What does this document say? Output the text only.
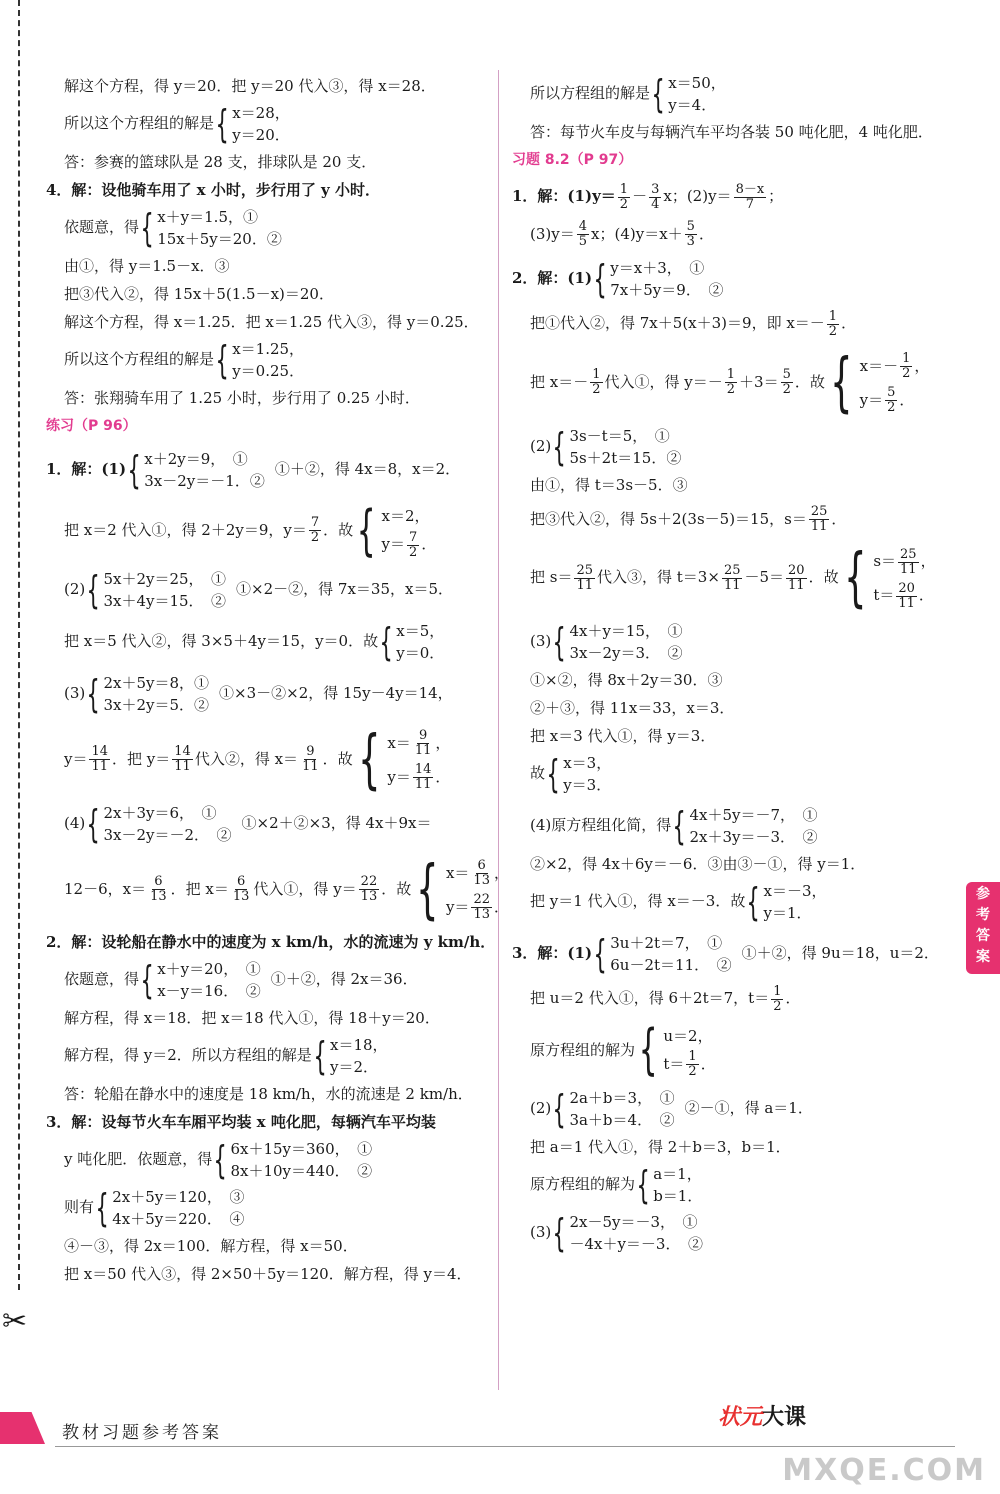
解这个方程，得 y＝20．把 y＝20 代入③，得 x＝28．
所以这个方程组的解是 { x＝28，
y＝20．
答：参赛的篮球队是 28 支，排球队是 20 支．
4．解：设他骑车用了 x 小时，步行用了 y 小时．
依题意，得 { x＋y＝1.5，①
15x＋5y＝20．②
由①，得 y＝1.5－x．③
把③代入②，得 15x＋5(1.5－x)＝20．
解这个方程，得 x＝1.25．把 x＝1.25 代入③，得 y＝0.25．
所以这个方程组的解是 { x＝1.25，
y＝0.25．
答：张翔骑车用了 1.25 小时，步行用了 0.25 小时．
练习（P 96）
1．解：(1) { x＋2y＝9，　①
3x－2y＝－1．②
①＋②，得 4x＝8，x＝2．
把 x＝2 代入①，得 2＋2y＝9，$y= \frac{7}{2}$ ．故 { x＝2，
$y= \frac{7}{2}$ ．
(2) { 5x＋2y＝25，　①
3x＋4y＝15．　②
①×2－②，得 7x＝35，x＝5．
把 x＝5 代入②，得 3×5＋4y＝15，y＝0．故 { x＝5，
y＝0．
(3) { 2x＋5y＝8，①
3x＋2y＝5．②
①×3－②×2，得 15y－4y＝14，
$y= \frac{14}{11}$ ．把 $y= \frac{14}{11}$ 代入②，得 $x= \frac{9}{11}$ ．故 { $x= \frac{9}{11}$ ，
$y= \frac{14}{11}$ ．
(4) { 2x＋3y＝6，　①
3x－2y＝－2．　②
①×2＋②×3，得 4x＋9x＝
12－6，$x= \frac{6}{13}$ ．把 $x= \frac{6}{13}$ 代入①，得 $y= \frac{22}{13}$ ．故 { $x= \frac{6}{13}$ ，
$y= \frac{22}{13}$ ．
2．解：设轮船在静水中的速度为 x km/h，水的流速为 y km/h．
依题意，得 { x＋y＝20，　①
x－y＝16．　②
①＋②，得 2x＝36．
解方程，得 x＝18．把 x＝18 代入①，得 18＋y＝20．
解方程，得 y＝2．所以方程组的解是 { x＝18，
y＝2．
答：轮船在静水中的速度是 18 km/h，水的流速是 2 km/h．
3．解：设每节火车车厢平均装 x 吨化肥，每辆汽车平均装
y 吨化肥．依题意，得 { 6x＋15y＝360，　①
8x＋10y＝440．　②
则有 { 2x＋5y＝120，　③
4x＋5y＝220．　④
④－③，得 2x＝100．解方程，得 x＝50．
把 x＝50 代入③，得 2×50＋5y＝120．解方程，得 y＝4．
所以方程组的解是 { x＝50，
y＝4．
答：每节火车皮与每辆汽车平均各装 50 吨化肥，4 吨化肥．
习题 8.2（P 97）
1．解：$(1)y= \frac{1}{2} - \frac{3}{4}$ x；$(2)y= \frac{8-x}{7}$ ；
$(3)y= \frac{4}{5}$ x；$(4)y=x+ \frac{5}{3}$ ．
2．解：(1) { y＝x＋3，　①
7x＋5y＝9．　②
把①代入②，得 7x＋5(x＋3)＝9，即 $x=- \frac{1}{2}$ ．
把 $x=- \frac{1}{2}$ 代入①，得 $y=- \frac{1}{2} +3= \frac{5}{2}$ ．故 { $x=- \frac{1}{2}$ ，
$y= \frac{5}{2}$ ．
(2) { 3s－t＝5，　①
5s＋2t＝15．②
由①，得 t＝3s－5．③
把③代入②，得 5s＋2(3s－5)＝15，$s= \frac{25}{11}$ ．
把 $s= \frac{25}{11}$ 代入③，得 $t=3\times \frac{25}{11} -5= \frac{20}{11}$ ．故 { $s= \frac{25}{11}$ ，
$t= \frac{20}{11}$ ．
(3) { 4x＋y＝15，　①
3x－2y＝3．　②
①×②，得 8x＋2y＝30．③
②＋③，得 11x＝33，x＝3．
把 x＝3 代入①，得 y＝3．
故 { x＝3，
y＝3．
(4)原方程组化简，得 { 4x＋5y＝－7，　①
2x＋3y＝－3．　②
②×2，得 4x＋6y＝－6．③由③－①，得 y＝1．
把 y＝1 代入①，得 x＝－3．故 { x＝－3，
y＝1．
3．解：(1) { 3u＋2t＝7，　①
6u－2t＝11．　②
①＋②，得 9u＝18，u＝2．
把 u＝2 代入①，得 6＋2t＝7，$t= \frac{1}{2}$ ．
原方程组的解为 { u＝2，
$t= \frac{1}{2}$ ．
(2) { 2a＋b＝3，　①
3a＋b＝4．　②
②－①，得 a＝1．
把 a＝1 代入①，得 2＋b＝3，b＝1．
原方程组的解为 { a＝1，
b＝1．
(3) { 2x－5y＝－3，　①
－4x＋y＝－3．　②
参
考
答
案
✂
教材习题参考答案
状元大课
MXQE.COM
